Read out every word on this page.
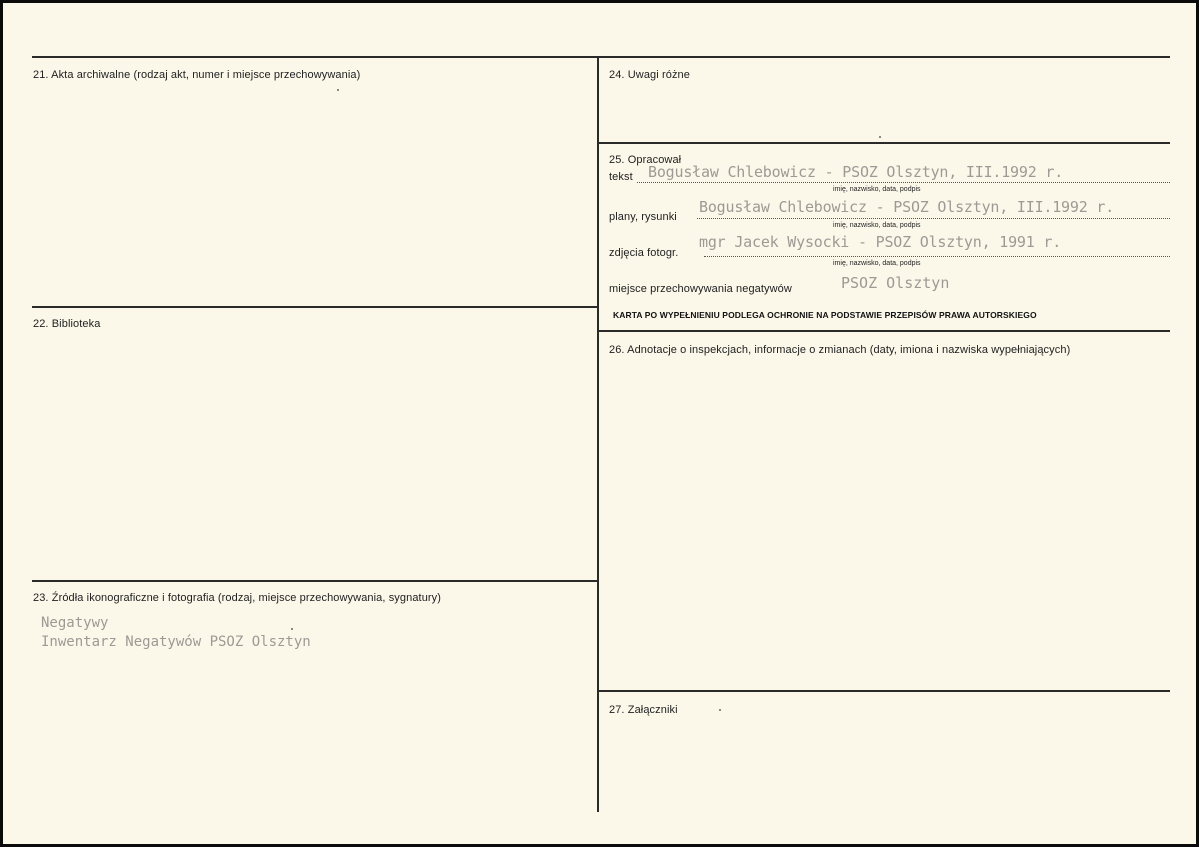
21. Akta archiwalne (rodzaj akt, numer i miejsce przechowywania)
22. Biblioteka
23. Źródła ikonograficzne i fotografia (rodzaj, miejsce przechowywania, sygnatury)
Negatywy
Inwentarz Negatywów PSOZ Olsztyn
24. Uwagi różne
25. Opracował
tekst Bogusław Chlebowicz - PSOZ Olsztyn, III.1992 r.
imię, nazwisko, data, podpis
plany, rysunki
Bogusław Chlebowicz - PSOZ Olsztyn, III.1992 r.
imię, nazwisko, data, podpis
zdjęcia fotogr.
mgr Jacek Wysocki - PSOZ Olsztyn, 1991 r.
imię, nazwisko, data, podpis
miejsce przechowywania negatywów	PSOZ Olsztyn
KARTA PO WYPEŁNIENIU PODLEGA OCHRONIE NA PODSTAWIE PRZEPISÓW PRAWA AUTORSKIEGO
26. Adnotacje o inspekcjach, informacje o zmianach (daty, imiona i nazwiska wypełniających)
27. Załączniki
